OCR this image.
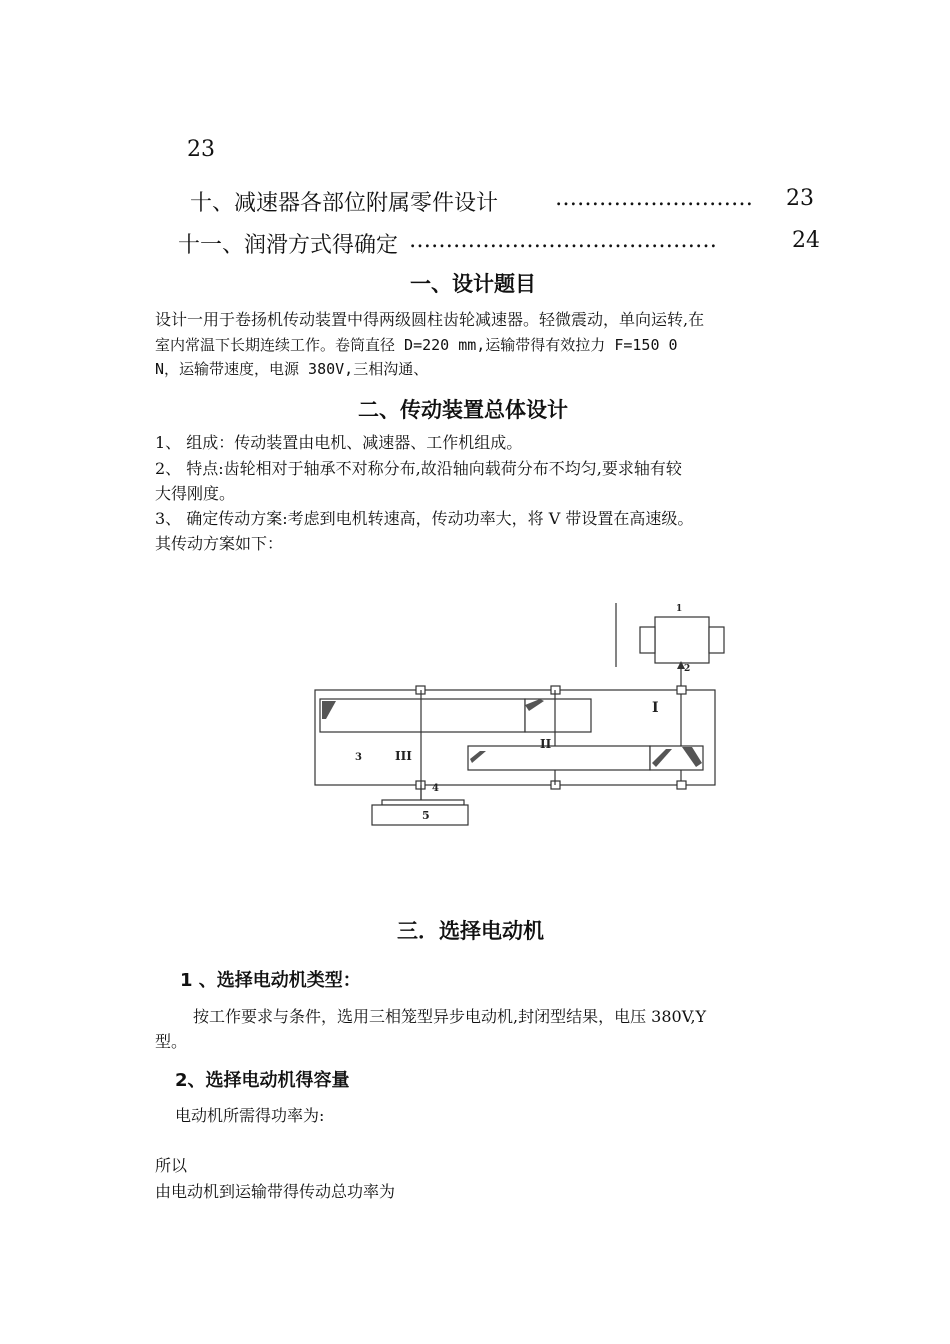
23
十、减速器各部位附属零件设计	……………………… 23
十一、润滑方式得确定 ……………………………………	24
一、设计题目
设计一用于卷扬机传动装置中得两级圆柱齿轮减速器。轻微震动，单向运转,在
室内常温下长期连续工作。卷筒直径 D=220 mm,运输带得有效拉力 F=150 0
N，运输带速度，电源 380V,三相沟通、
二、传动装置总体设计
1、 组成：传动装置由电机、减速器、工作机组成。
2、 特点:齿轮相对于轴承不对称分布,故沿轴向载荷分布不均匀,要求轴有较
大得刚度。
3、 确定传动方案:考虑到电机转速高，传动功率大，将 V 带设置在高速级。
其传动方案如下：
1
2
3
4
5
I
II
III
三．选择电动机
1 、选择电动机类型：
按工作要求与条件，选用三相笼型异步电动机,封闭型结果，电压 380V,Y
型。
2、选择电动机得容量
电动机所需得功率为:
所以
由电动机到运输带得传动总功率为
